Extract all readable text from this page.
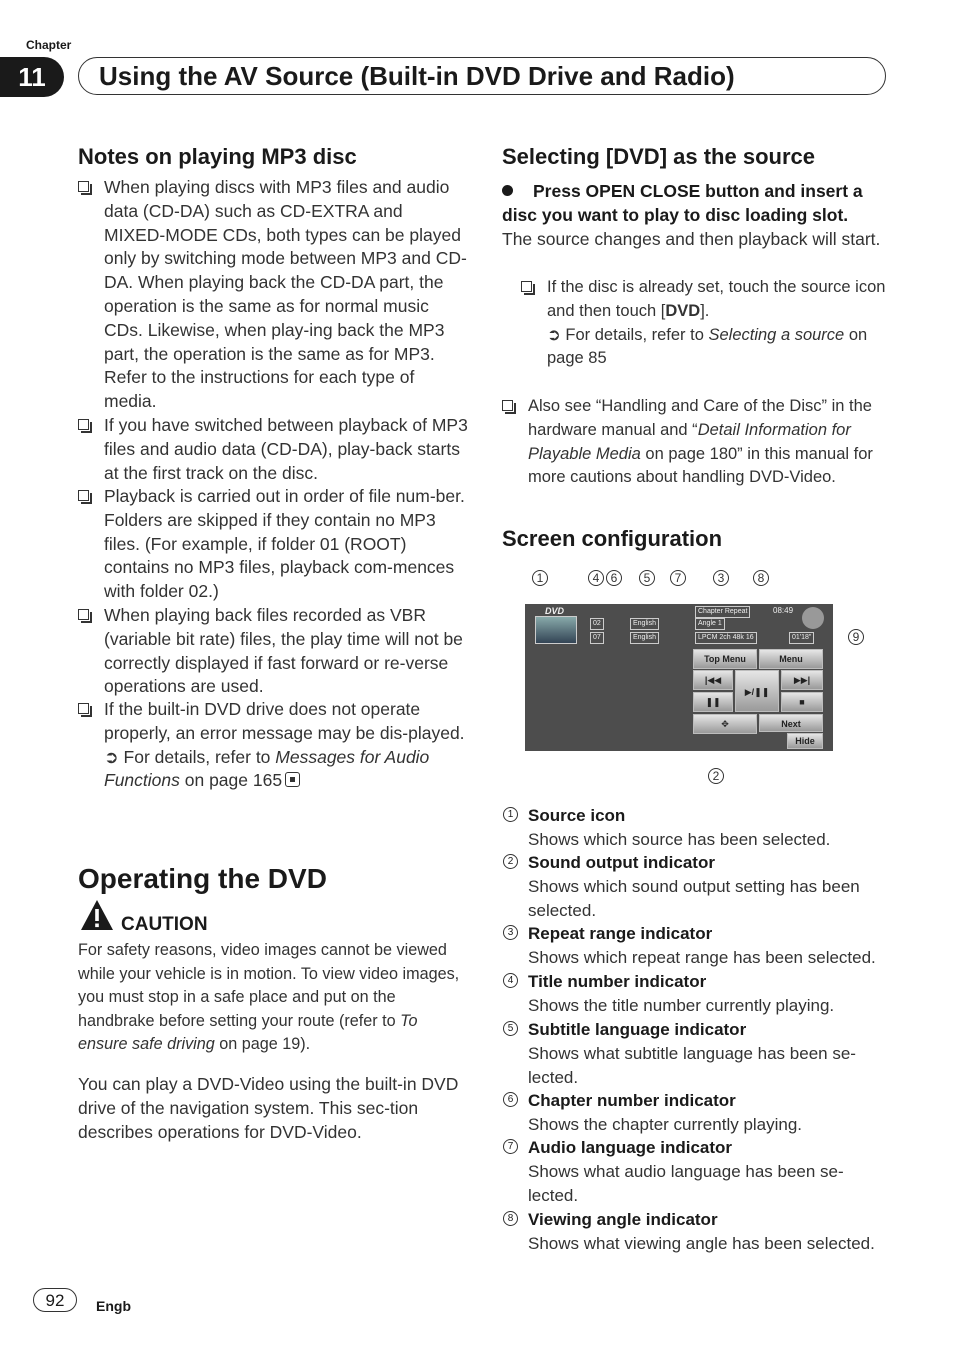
Chapter
11	Using the AV Source (Built-in DVD Drive and Radio)
Notes on playing MP3 disc
When playing discs with MP3 files and audio data (CD-DA) such as CD-EXTRA and MIXED-MODE CDs, both types can be played only by switching mode between MP3 and CD-DA. When playing back the CD-DA part, the operation is the same as for normal music CDs. Likewise, when play-ing back the MP3 part, the operation is the same as for MP3. Refer to the instructions for each type of media.
If you have switched between playback of MP3 files and audio data (CD-DA), play-back starts at the first track on the disc.
Playback is carried out in order of file num-ber. Folders are skipped if they contain no MP3 files. (For example, if folder 01 (ROOT) contains no MP3 files, playback com-mences with folder 02.)
When playing back files recorded as VBR (variable bit rate) files, the play time will not be correctly displayed if fast forward or re-verse operations are used.
If the built-in DVD drive does not operate properly, an error message may be dis-played.
➲ For details, refer to Messages for Audio Functions on page 165
Operating the DVD
CAUTION
For safety reasons, video images cannot be viewed while your vehicle is in motion. To view video images, you must stop in a safe place and put on the handbrake before setting your route (refer to To ensure safe driving on page 19).
You can play a DVD-Video using the built-in DVD drive of the navigation system. This sec-tion describes operations for DVD-Video.
Selecting [DVD] as the source
Press OPEN CLOSE button and insert a disc you want to play to disc loading slot.
The source changes and then playback will start.
If the disc is already set, touch the source icon and then touch [DVD].
➲ For details, refer to Selecting a source on page 85
Also see “Handling and Care of the Disc” in the hardware manual and “Detail Information for Playable Media on page 180” in this manual for more cautions about handling DVD-Video.
Screen configuration
1	4 6	5	7	3	8
9
2
DVD
02
07
English
English
Chapter Repeat
Angle 1
LPCM 2ch 48k 16
08:49
01'18"
Top Menu	Menu
|◀◀
▶/❚❚
▶▶|
❚❚	■
✥	Next
Hide
1 Source icon
Shows which source has been selected.
2 Sound output indicator
Shows which sound output setting has been selected.
3 Repeat range indicator
Shows which repeat range has been selected.
4 Title number indicator
Shows the title number currently playing.
5 Subtitle language indicator
Shows what subtitle language has been se-lected.
6 Chapter number indicator
Shows the chapter currently playing.
7 Audio language indicator
Shows what audio language has been se-lected.
8 Viewing angle indicator
Shows what viewing angle has been selected.
92	Engb
